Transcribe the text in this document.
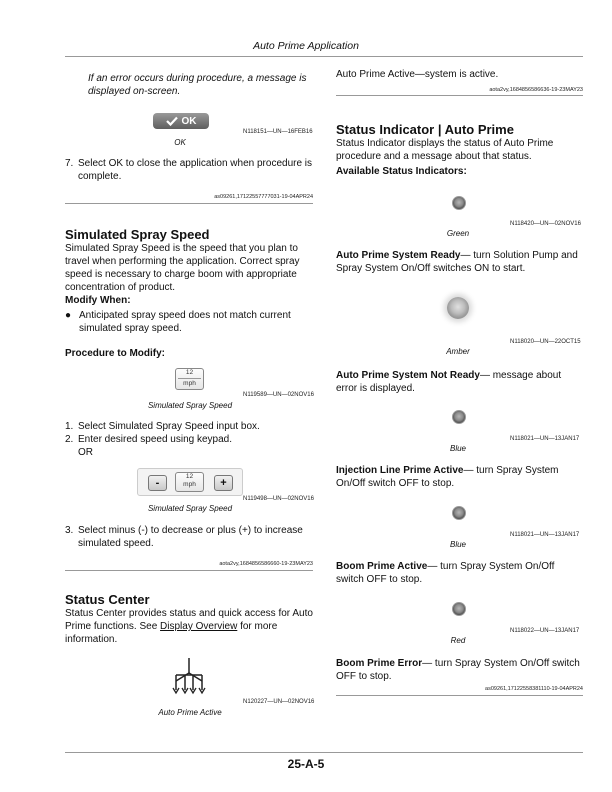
Auto Prime Application
If an error occurs during procedure, a message is displayed on-screen.
OK
N118151—UN—16FEB16
OK
7. Select OK to close the application when procedure is complete.
as09261,17122557777031-19-04APR24
Simulated Spray Speed
Simulated Spray Speed is the speed that you plan to travel when performing the application. Correct spray speed is necessary to charge boom with appropriate concentration of product.
Modify When:
● Anticipated spray speed does not match current simulated spray speed.
Procedure to Modify:
12
mph
N119589—UN—02NOV16
Simulated Spray Speed
1. Select Simulated Spray Speed input box.
2. Enter desired speed using keypad.
OR
-
12
mph	+
N119498—UN—02NOV16
Simulated Spray Speed
3. Select minus (-) to decrease or plus (+) to increase simulated speed.
aota2vy,1684856586660-19-23MAY23
Status Center
Status Center provides status and quick access for Auto Prime functions. See Display Overview for more information.
N120227—UN—02NOV16
Auto Prime Active
Auto Prime Active—system is active.
aota2vy,1684856586636-19-23MAY23
Status Indicator | Auto Prime
Status Indicator displays the status of Auto Prime procedure and a message about that status.
Available Status Indicators:
N118420—UN—02NOV16
Green
Auto Prime System Ready— turn Solution Pump and Spray System On/Off switches ON to start.
N118020—UN—22OCT15
Amber
Auto Prime System Not Ready— message about error is displayed.
N118021—UN—13JAN17
Blue
Injection Line Prime Active— turn Spray System On/Off switch OFF to stop.
N118021—UN—13JAN17
Blue
Boom Prime Active— turn Spray System On/Off switch OFF to stop.
N118022—UN—13JAN17
Red
Boom Prime Error— turn Spray System On/Off switch OFF to stop.
as09261,17122558381110-19-04APR24
25-A-5
